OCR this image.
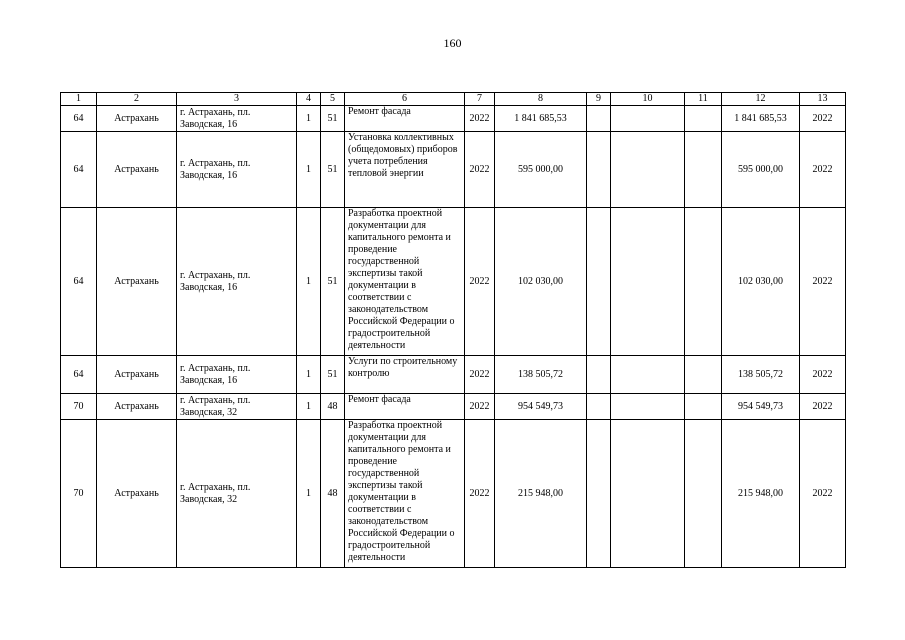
160
1	2	3	4	5	6	7	8	9	10	11	12	13
64	Астрахань	г. Астрахань, пл. Заводская, 16	1	51	Ремонт фасада	2022	1 841 685,53				1 841 685,53	2022
64	Астрахань	г. Астрахань, пл. Заводская, 16	1	51	Установка коллективных (общедомовых) приборов учета потребления тепловой энергии	2022	595 000,00				595 000,00	2022
64	Астрахань	г. Астрахань, пл. Заводская, 16	1	51	Разработка проектной документации для капитального ремонта и проведение государственной экспертизы такой документации в соответствии с законодательством Российской Федерации о градостроительной деятельности	2022	102 030,00				102 030,00	2022
64	Астрахань	г. Астрахань, пл. Заводская, 16	1	51	Услуги по строительному контролю	2022	138 505,72				138 505,72	2022
70	Астрахань	г. Астрахань, пл. Заводская, 32	1	48	Ремонт фасада	2022	954 549,73				954 549,73	2022
70	Астрахань	г. Астрахань, пл. Заводская, 32	1	48	Разработка проектной документации для капитального ремонта и проведение государственной экспертизы такой документации в соответствии с законодательством Российской Федерации о градостроительной деятельности	2022	215 948,00				215 948,00	2022
